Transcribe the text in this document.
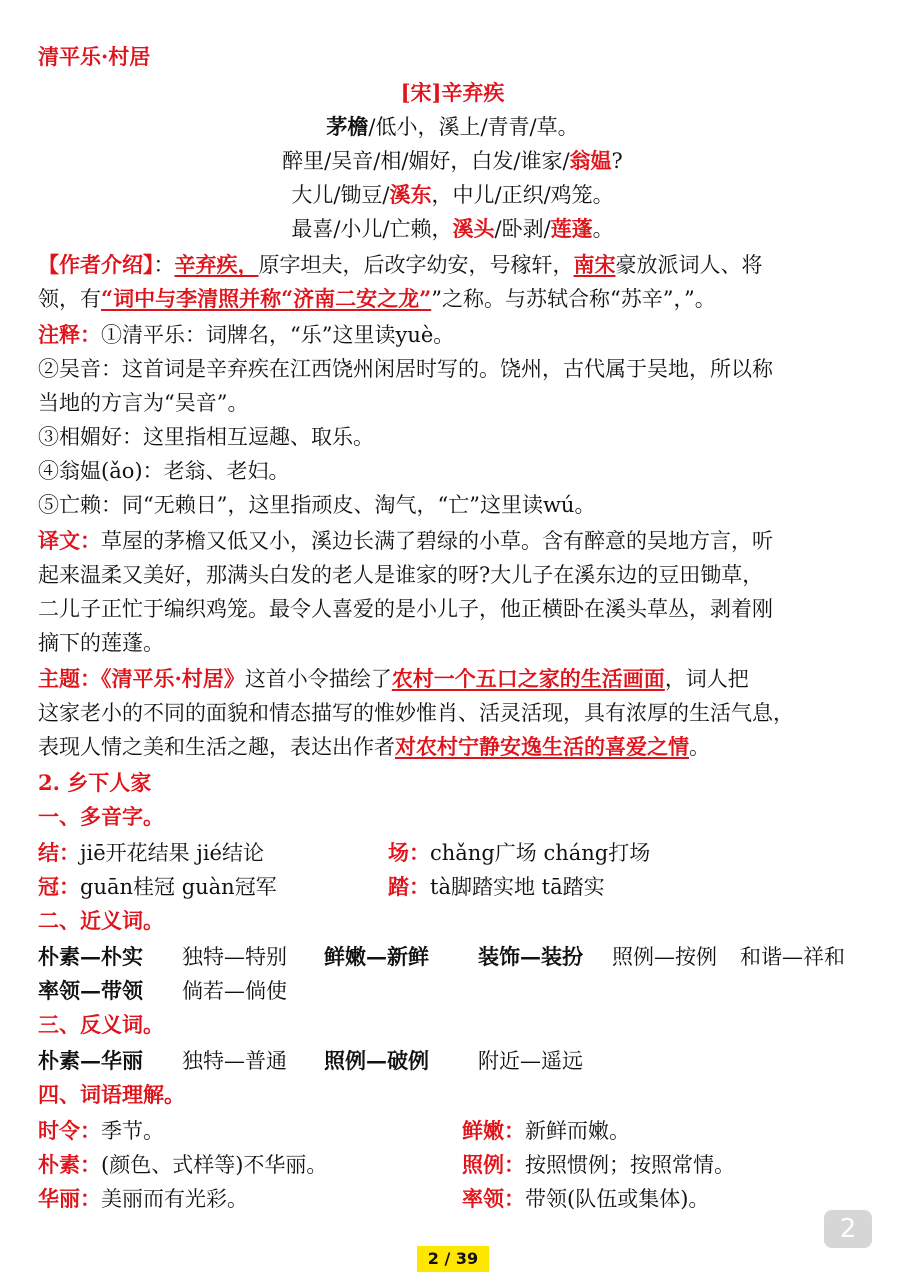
清平乐·村居
[宋]辛弃疾
茅檐/低小，溪上/青青/草。
醉里/吴音/相/媚好，白发/谁家/翁媪?
大儿/锄豆/溪东，中儿/正织/鸡笼。
最喜/小儿/亡赖，溪头/卧剥/莲蓬。
【作者介绍】：辛弃疾，原字坦夫，后改字幼安，号稼轩，南宋豪放派词人、将
领，有“词中与李清照并称“济南二安之龙””之称。与苏轼合称“苏辛”，”。
注释：①清平乐：词牌名，“乐”这里读yuè。
②吴音：这首词是辛弃疾在江西饶州闲居时写的。饶州，古代属于吴地，所以称
当地的方言为“吴音”。
③相媚好：这里指相互逗趣、取乐。
④翁媪(ǎo)：老翁、老妇。
⑤亡赖：同“无赖日”，这里指顽皮、淘气，“亡”这里读wú。
译文：草屋的茅檐又低又小，溪边长满了碧绿的小草。含有醉意的吴地方言，听
起来温柔又美好，那满头白发的老人是谁家的呀?大儿子在溪东边的豆田锄草，
二儿子正忙于编织鸡笼。最令人喜爱的是小儿子，他正横卧在溪头草丛，剥着刚
摘下的莲蓬。
主题：《清平乐·村居》这首小令描绘了农村一个五口之家的生活画面，词人把
这家老小的不同的面貌和情态描写的惟妙惟肖、活灵活现，具有浓厚的生活气息，
表现人情之美和生活之趣，表达出作者对农村宁静安逸生活的喜爱之情。
2. 乡下人家
一、多音字。
结：jiē开花结果 jié结论	场：chǎng广场 cháng打场
冠：guān桂冠 guàn冠军	踏：tà脚踏实地 tā踏实
二、近义词。
朴素—朴实 独特—特别 鲜嫩—新鲜 装饰—装扮 照例—按例 和谐—祥和
率领—带领 倘若—倘使
三、反义词。
朴素—华丽 独特—普通 照例—破例 附近—遥远
四、词语理解。
时令：季节。	鲜嫩：新鲜而嫩。
朴素：(颜色、式样等)不华丽。	照例：按照惯例；按照常情。
华丽：美丽而有光彩。	率领：带领(队伍或集体)。
2
2 / 39
